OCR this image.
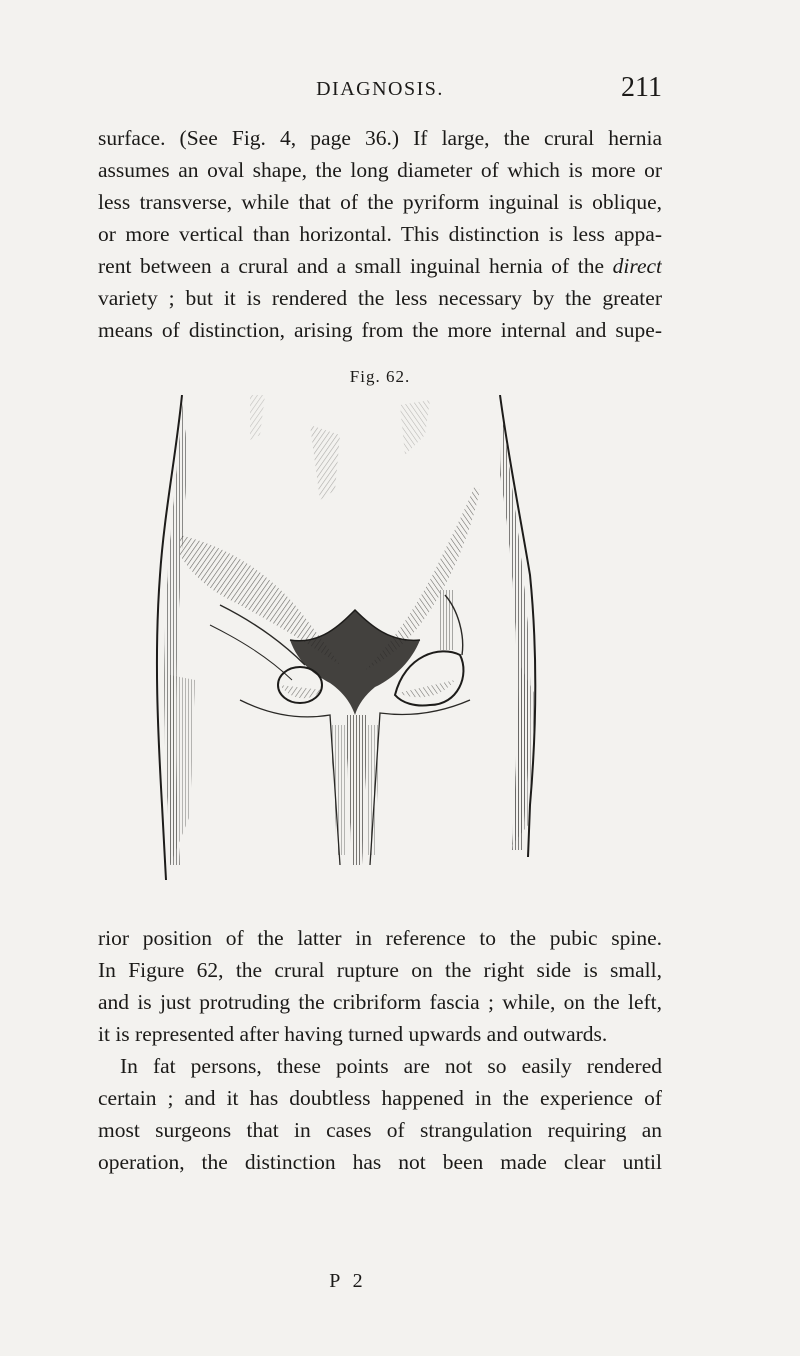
DIAGNOSIS.	211
surface. (See Fig. 4, page 36.) If large, the crural hernia
assumes an oval shape, the long diameter of which is more or
less transverse, while that of the pyriform inguinal is oblique,
or more vertical than horizontal. This distinction is less appa-
rent between a crural and a small inguinal hernia of the direct
variety ; but it is rendered the less necessary by the greater
means of distinction, arising from the more internal and supe-
Fig. 62.
rior position of the latter in reference to the pubic spine.
In Figure 62, the crural rupture on the right side is small,
and is just protruding the cribriform fascia ; while, on the left,
it is represented after having turned upwards and outwards.
In fat persons, these points are not so easily rendered
certain ; and it has doubtless happened in the experience of
most surgeons that in cases of strangulation requiring an
operation, the distinction has not been made clear until
P 2
